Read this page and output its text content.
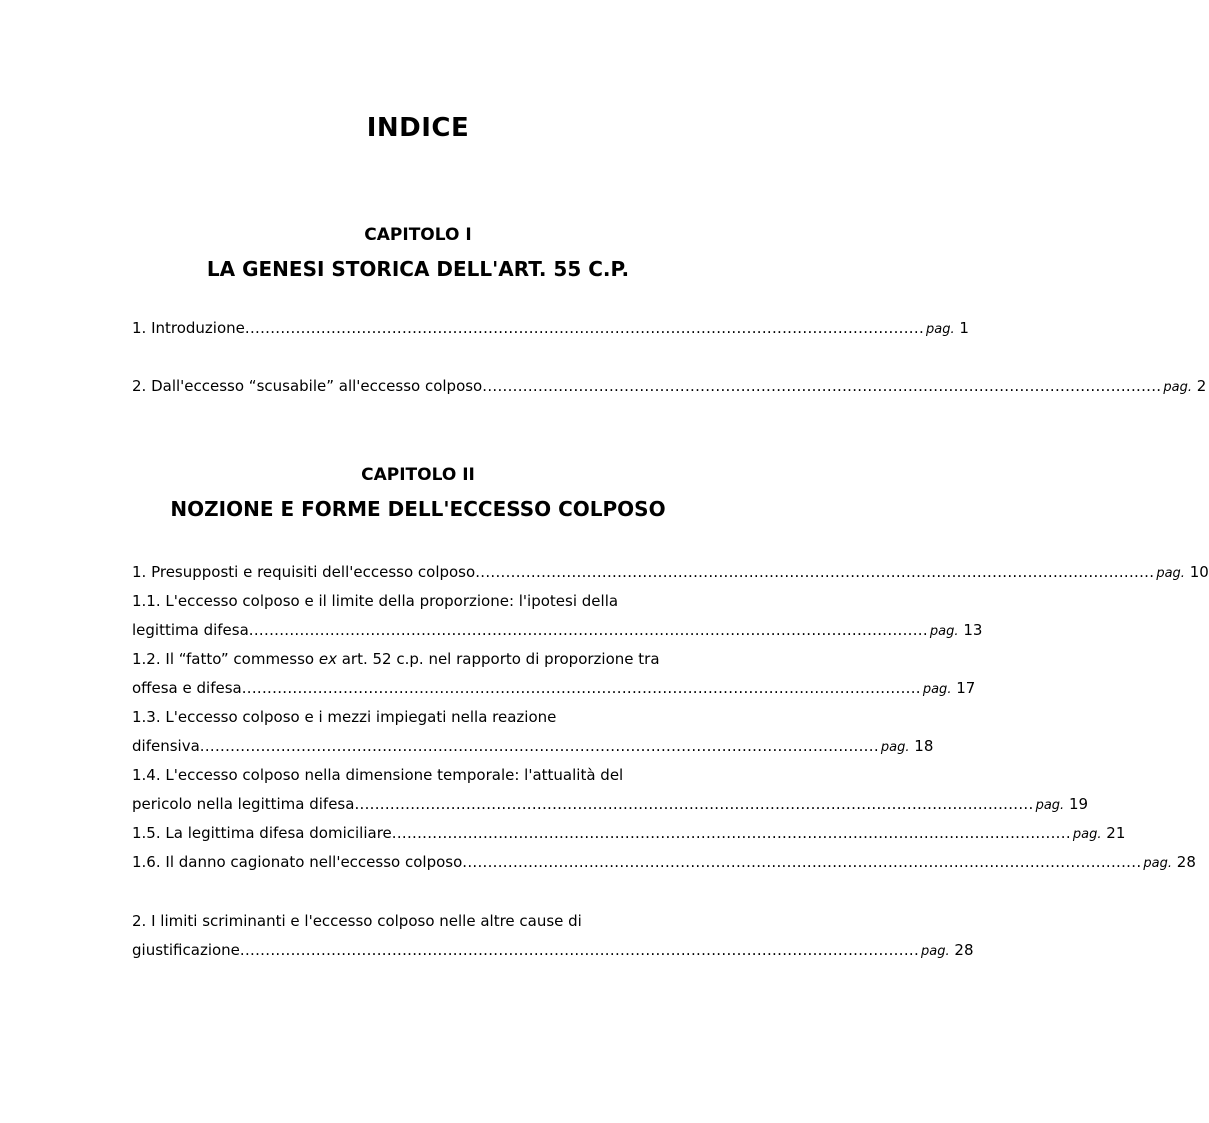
INDICE
CAPITOLO I
LA GENESI STORICA DELL'ART. 55 C.P.
1. Introduzione ...................................................................................................................................... pag. 1
2. Dall'eccesso “scusabile” all'eccesso colposo ...................................................................................................................................... pag. 2
CAPITOLO II
NOZIONE E FORME DELL'ECCESSO COLPOSO
1. Presupposti e requisiti dell'eccesso colposo ...................................................................................................................................... pag. 10
1.1. L'eccesso colposo e il limite della proporzione: l'ipotesi della
legittima difesa ...................................................................................................................................... pag. 13
1.2. Il “fatto” commesso ex art. 52 c.p. nel rapporto di proporzione tra
offesa e difesa ...................................................................................................................................... pag. 17
1.3. L'eccesso colposo e i mezzi impiegati nella reazione
difensiva ...................................................................................................................................... pag. 18
1.4. L'eccesso colposo nella dimensione temporale: l'attualità del
pericolo nella legittima difesa ...................................................................................................................................... pag. 19
1.5. La legittima difesa domiciliare ...................................................................................................................................... pag. 21
1.6. Il danno cagionato nell'eccesso colposo ...................................................................................................................................... pag. 28
2. I limiti scriminanti e l'eccesso colposo nelle altre cause di
giustificazione ...................................................................................................................................... pag. 28
